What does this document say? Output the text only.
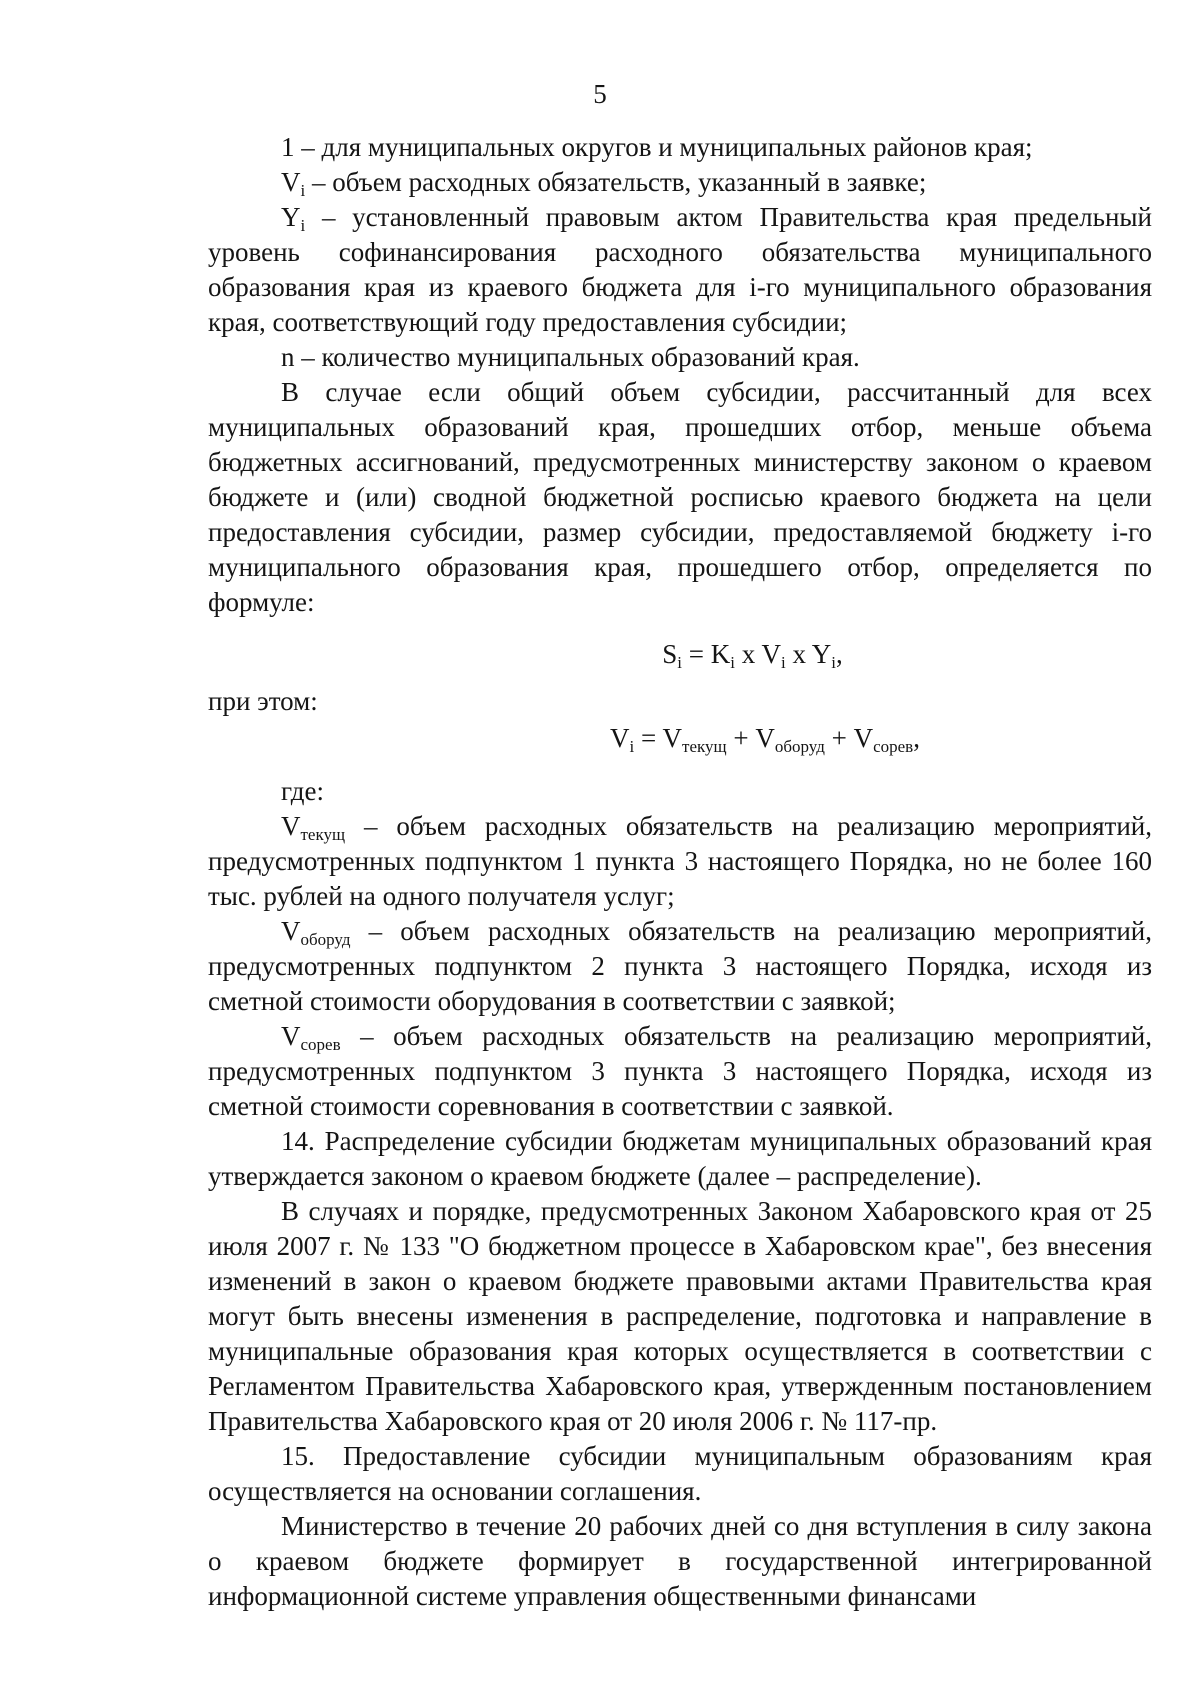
5

1 – для муниципальных округов и муниципальных районов края;

$V_i$ – объем расходных обязательств, указанный в заявке;

$Y_i$ – установленный правовым актом Правительства края предельный уровень софинансирования расходного обязательства муниципального образования края из краевого бюджета для i-го муниципального образования края, соответствующий году предоставления субсидии;

n – количество муниципальных образований края.

В случае если общий объем субсидии, рассчитанный для всех муниципальных образований края, прошедших отбор, меньше объема бюджетных ассигнований, предусмотренных министерству законом о краевом бюджете и (или) сводной бюджетной росписью краевого бюджета на цели предоставления субсидии, размер субсидии, предоставляемой бюджету i-го муниципального образования края, прошедшего отбор, определяется по формуле:

$S_i = K_i$ x $V_i$ x $Y_i$,

при этом:

$V_i = V_{текущ} + V_{оборуд} + V_{сорев}$,

где:

$V_{текущ}$ – объем расходных обязательств на реализацию мероприятий, предусмотренных подпунктом 1 пункта 3 настоящего Порядка, но не более 160 тыс. рублей на одного получателя услуг;

$V_{оборуд}$ – объем расходных обязательств на реализацию мероприятий, предусмотренных подпунктом 2 пункта 3 настоящего Порядка, исходя из сметной стоимости оборудования в соответствии с заявкой;

$V_{сорев}$ – объем расходных обязательств на реализацию мероприятий, предусмотренных подпунктом 3 пункта 3 настоящего Порядка, исходя из сметной стоимости соревнования в соответствии с заявкой.

14. Распределение субсидии бюджетам муниципальных образований края утверждается законом о краевом бюджете (далее – распределение).

В случаях и порядке, предусмотренных Законом Хабаровского края от 25 июля 2007 г. № 133 "О бюджетном процессе в Хабаровском крае", без внесения изменений в закон о краевом бюджете правовыми актами Правительства края могут быть внесены изменения в распределение, подготовка и направление в муниципальные образования края которых осуществляется в соответствии с Регламентом Правительства Хабаровского края, утвержденным постановлением Правительства Хабаровского края от 20 июля 2006 г. № 117-пр.

15. Предоставление субсидии муниципальным образованиям края осуществляется на основании соглашения.

Министерство в течение 20 рабочих дней со дня вступления в силу закона о краевом бюджете формирует в государственной интегрированной информационной системе управления общественными финансами
